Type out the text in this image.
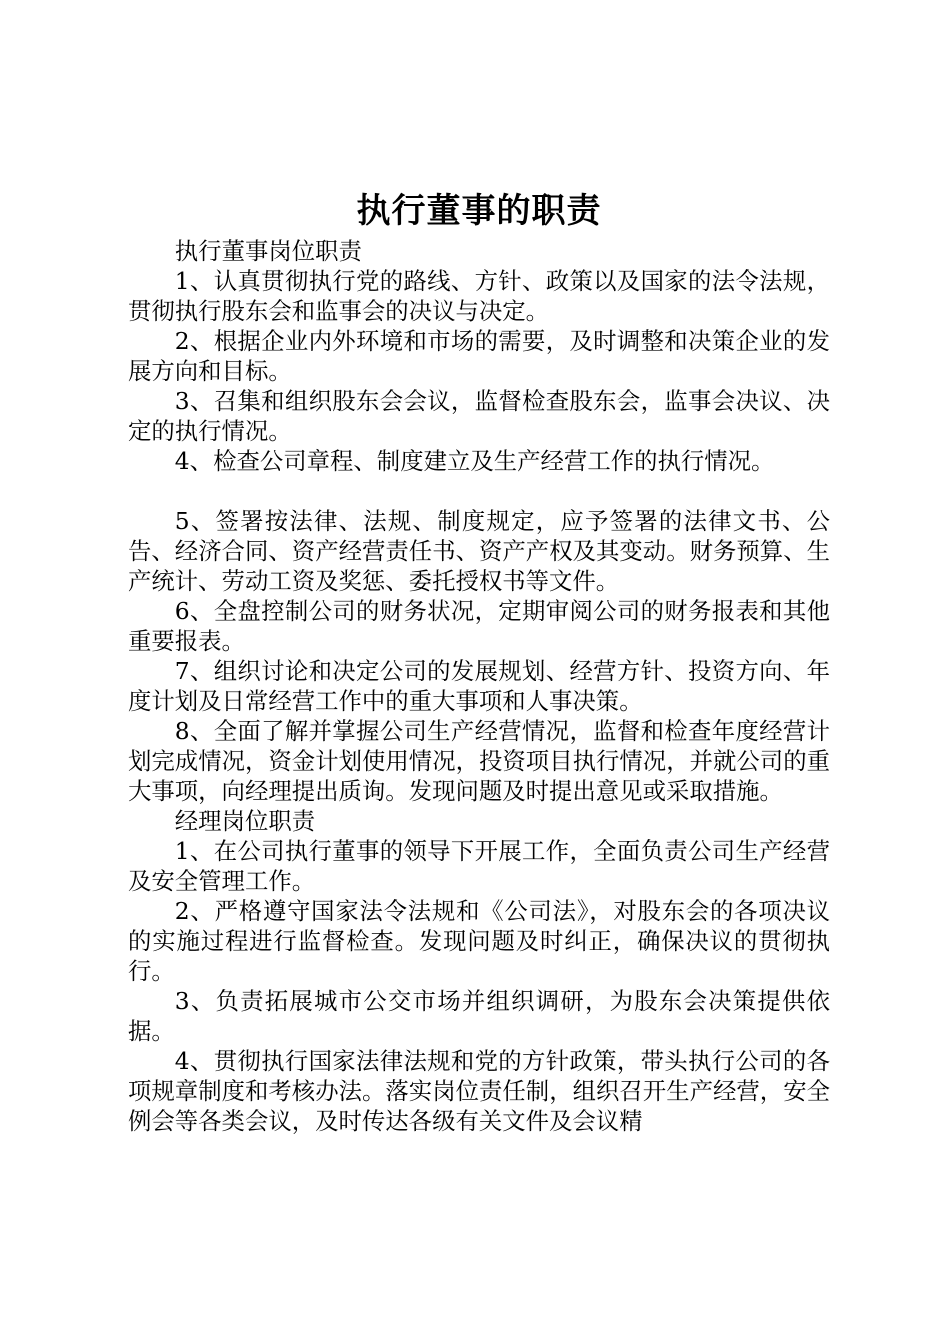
执行董事的职责

执行董事岗位职责

1、认真贯彻执行党的路线、方针、政策以及国家的法令法规，贯彻执行股东会和监事会的决议与决定。

2、根据企业内外环境和市场的需要，及时调整和决策企业的发展方向和目标。

3、召集和组织股东会会议，监督检查股东会，监事会决议、决定的执行情况。

4、检查公司章程、制度建立及生产经营工作的执行情况。

5、签署按法律、法规、制度规定，应予签署的法律文书、公告、经济合同、资产经营责任书、资产产权及其变动。财务预算、生产统计、劳动工资及奖惩、委托授权书等文件。

6、全盘控制公司的财务状况，定期审阅公司的财务报表和其他重要报表。

7、组织讨论和决定公司的发展规划、经营方针、投资方向、年度计划及日常经营工作中的重大事项和人事决策。

8、全面了解并掌握公司生产经营情况，监督和检查年度经营计划完成情况，资金计划使用情况，投资项目执行情况，并就公司的重大事项，向经理提出质询。发现问题及时提出意见或采取措施。

经理岗位职责

1、在公司执行董事的领导下开展工作，全面负责公司生产经营及安全管理工作。

2、严格遵守国家法令法规和《公司法》，对股东会的各项决议的实施过程进行监督检查。发现问题及时纠正，确保决议的贯彻执行。

3、负责拓展城市公交市场并组织调研，为股东会决策提供依据。

4、贯彻执行国家法律法规和党的方针政策，带头执行公司的各项规章制度和考核办法。落实岗位责任制，组织召开生产经营，安全例会等各类会议，及时传达各级有关文件及会议精
